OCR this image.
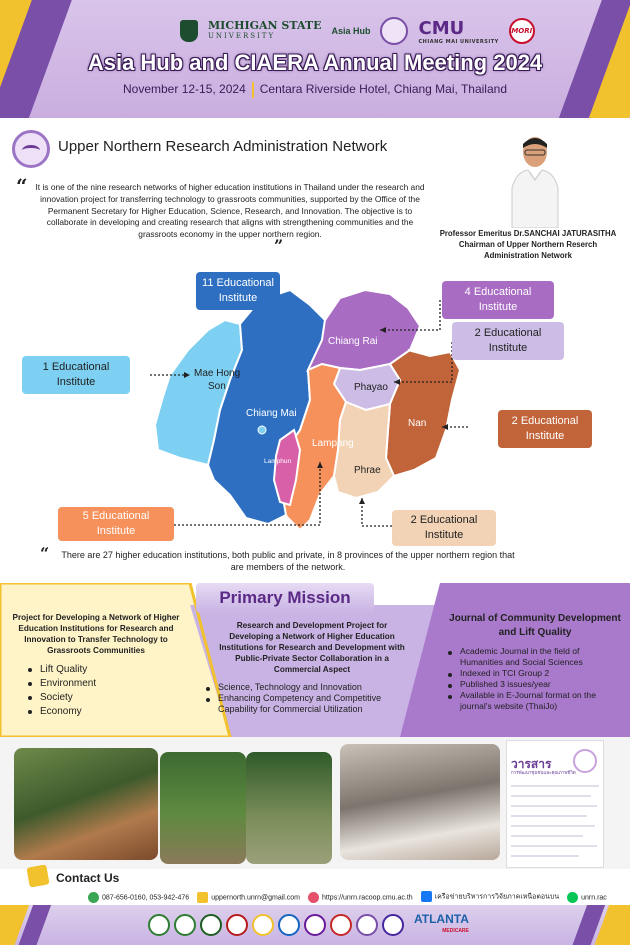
MICHIGAN STATE
UNIVERSITY
Asia Hub	CMU
CHIANG MAI UNIVERSITY
MORI
Asia Hub and CIAERA Annual Meeting 2024
November 12-15, 2024 Centara Riverside Hotel, Chiang Mai, Thailand
Upper Northern Research Administration Network
“ It is one of the nine research networks of higher education institutions in Thailand under the research and innovation project for transferring technology to grassroots communities, supported by the Office of the Permanent Secretary for Higher Education, Science, Research, and Innovation. The objective is to collaborate in developing and creating research that aligns with strengthening communities and the grassroots economy in the upper northern region.
”
Professor Emeritus Dr.SANCHAI JATURASITHA
Chairman of Upper Northern Reserch Administration Network
Chiang Rai
Mae Hong
Son
Chiang Mai
Phayao
Nan
Lampang
Lamphun
Phrae
1 Educational Institute
11 Educational Institute	4 Educational Institute
2 Educational Institute
2 Educational Institute
5 Educational Institute
2 Educational Institute
“	There are 27 higher education institutions, both public and private, in 8 provinces of the upper northern region that are members of the network.
Primary Mission
Project for Developing a Network of Higher Education Institutions for Research and Innovation to Transfer Technology to Grassroots Communities
Lift Quality
Environment
Society
Economy
Research and Development Project for Developing a Network of Higher Education Institutions for Research and Development with Public-Private Sector Collaboration in a Commercial Aspect
Science, Technology and Innovation
Enhancing Competency and Competitive Capability for Commercial Utilization
Journal of Community Development and Lift Quality
Academic Journal in the field of Humanities and Social Sciences
Indexed in TCI Group 2
Published 3 issues/year
Available in E-Journal format on the journal's website (ThaiJo)
วารสาร
การพัฒนาชุมชนและคุณภาพชีวิต
Contact Us
087-656-0160, 053-942-476	uppernorth.unrn@gmail.com	https://unrn.racoop.cmu.ac.th	เครือข่ายบริหารการวิจัยภาคเหนือตอนบน	unrn.rac
ATLANTA
MEDICARE
